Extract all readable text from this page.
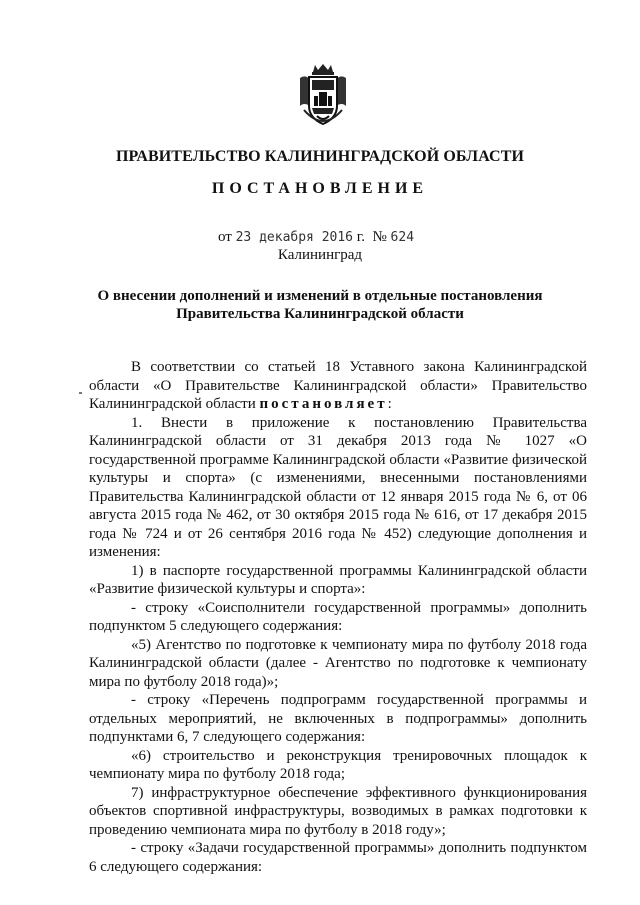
ПРАВИТЕЛЬСТВО КАЛИНИНГРАДСКОЙ ОБЛАСТИ
ПОСТАНОВЛЕНИЕ
от 23 декабря 2016 г. № 624
Калининград
О внесении дополнений и изменений в отдельные постановления
Правительства Калининградской области

В соответствии со статьей 18 Уставного закона Калининградской области «О Правительстве Калининградской области» Правительство Калининградской области постановляет:

1. Внести в приложение к постановлению Правительства Калининградской области от 31 декабря 2013 года № 1027 «О государственной программе Калининградской области «Развитие физической культуры и спорта» (с изменениями, внесенными постановлениями Правительства Калининградской области от 12 января 2015 года № 6, от 06 августа 2015 года № 462, от 30 октября 2015 года № 616, от 17 декабря 2015 года № 724 и от 26 сентября 2016 года № 452) следующие дополнения и изменения:

1) в паспорте государственной программы Калининградской области «Развитие физической культуры и спорта»:

- строку «Соисполнители государственной программы» дополнить подпунктом 5 следующего содержания:

«5) Агентство по подготовке к чемпионату мира по футболу 2018 года Калининградской области (далее - Агентство по подготовке к чемпионату мира по футболу 2018 года)»;

- строку «Перечень подпрограмм государственной программы и отдельных мероприятий, не включенных в подпрограммы» дополнить подпунктами 6, 7 следующего содержания:

«6) строительство и реконструкция тренировочных площадок к чемпионату мира по футболу 2018 года;

7) инфраструктурное обеспечение эффективного функционирования объектов спортивной инфраструктуры, возводимых в рамках подготовки к проведению чемпионата мира по футболу в 2018 году»;

- строку «Задачи государственной программы» дополнить подпунктом 6 следующего содержания:
